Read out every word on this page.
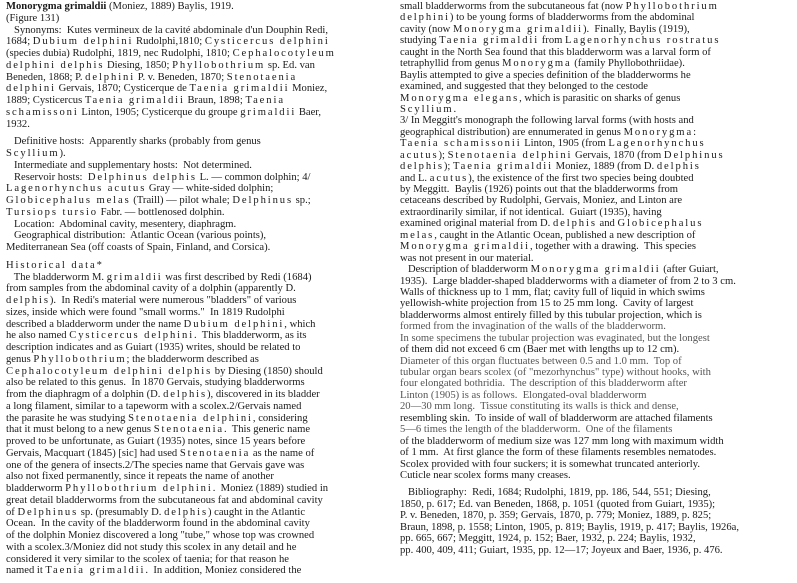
Monorygma grimaldii (Moniez, 1889) Baylis, 1919.
(Figure 131)
Synonyms:  Kutes vermineux de la cavité abdominale d'un Douphin Redi,
1684; Dubium delphini Rudolphi,1810; Cysticercus delphini
(species dubia) Rudolphi, 1819, nec Rudolphi, 1810; Cephalocotyleum
delphini delphis Diesing, 1850; Phyllobothrium sp. Ed. van
Beneden, 1868; P. delphini P. v. Beneden, 1870; Stenotaenia
delphini Gervais, 1870; Cysticerque de Taenia grimaldii Moniez,
1889; Cysticercus Taenia grimaldii Braun, 1898; Taenia
schamissoni Linton, 1905; Cysticerque du groupe grimaldii Baer,
1932.
Definitive hosts:  Apparently sharks (probably from genus
Scyllium).
Intermediate and supplementary hosts:  Not determined.
Reservoir hosts:  Delphinus delphis L. — common dolphin; 4/
Lagenorhynchus acutus Gray — white-sided dolphin;
Globicephalus melas (Traill) — pilot whale; Delphinus sp.;
Tursiops tursio Fabr. — bottlenosed dolphin.
Location:  Abdominal cavity, mesentery, diaphragm.
Geographical distribution:  Atlantic Ocean (various points),
Mediterranean Sea (off coasts of Spain, Finland, and Corsica).
Historical data*
The bladderworm M. grimaldii was first described by Redi (1684)
from samples from the abdominal cavity of a dolphin (apparently D.
delphis).  In Redi's material were numerous "bladders" of various
sizes, inside which were found "small worms."  In 1819 Rudolphi
described a bladderworm under the name Dubium delphini, which
he also named Cysticercus delphini.  This bladderworm, as its
description indicates and as Guiart (1935) writes, should be related to
genus Phyllobothrium; the bladderworm described as
Cephalocotyleum delphini delphis by Diesing (1850) should
also be related to this genus.  In 1870 Gervais, studying bladderworms
from the diaphragm of a dolphin (D. delphis), discovered in its bladder
a long filament, similar to a tapeworm with a scolex.2/Gervais named
the parasite he was studying Stenotaenia delphini, considering
that it must belong to a new genus Stenotaenia.  This generic name
proved to be unfortunate, as Guiart (1935) notes, since 15 years before
Gervais, Macquart (1845) [sic] had used Stenotaenia as the name of
one of the genera of insects.2/The species name that Gervais gave was
also not fixed permanently, since it repeats the name of another
bladderworm Phyllobothrium delphini.  Moniez (1889) studied in
great detail bladderworms from the subcutaneous fat and abdominal cavity
of Delphinus sp. (presumably D. delphis) caught in the Atlantic
Ocean.  In the cavity of the bladderworm found in the abdominal cavity
of the dolphin Moniez discovered a long "tube," whose top was crowned
with a scolex.3/Moniez did not study this scolex in any detail and he
considered it very similar to the scolex of taenia; for that reason he
named it Taenia grimaldii.  In addition, Moniez considered the
small bladderworms from the subcutaneous fat (now Phyllobothrium
delphini) to be young forms of bladderworms from the abdominal
cavity (now Monorygma grimaldii).  Finally, Baylis (1919),
studying Taenia grimaldii from Lagenorhynchus rostratus
caught in the North Sea found that this bladderworm was a larval form of
tetraphyllid from genus Monorygma (family Phyllobothriidae).
Baylis attempted to give a species definition of the bladderworms he
examined, and suggested that they belonged to the cestode
Monorygma elegans, which is parasitic on sharks of genus
Scyllium.
3/ In Meggitt's monograph the following larval forms (with hosts and
geographical distribution) are ennumerated in genus Monorygma:
Taenia schamissonii Linton, 1905 (from Lagenorhynchus
acutus); Stenotaenia delphini Gervais, 1870 (from Delphinus
delphis); Taenia grimaldii Moniez, 1889 (from D. delphis
and L. acutus), the existence of the first two species being doubted
by Meggitt.  Baylis (1926) points out that the bladderworms from
cetaceans described by Rudolphi, Gervais, Moniez, and Linton are
extraordinarily similar, if not identical.  Guiart (1935), having
examined original material from D. delphis and Globicephalus
melas, caught in the Atlantic Ocean, published a new description of
Monorygma grimaldii, together with a drawing.  This species
was not present in our material.
Description of bladderworm Monorygma grimaldii (after Guiart,
1935).  Large bladder-shaped bladderworms with a diameter of from 2 to 3 cm.
Walls of thickness up to 1 mm, flat; cavity full of liquid in which swims
yellowish-white projection from 15 to 25 mm long.  Cavity of largest
bladderworms almost entirely filled by this tubular projection, which is
formed from the invagination of the walls of the bladderworm.
In some specimens the tubular projection was evaginated, but the longest
of them did not exceed 6 cm (Baer met with lengths up to 12 cm).
Diameter of this organ fluctuates between 0.5 and 1.0 mm.  Top of
tubular organ bears scolex (of "mezorhynchus" type) without hooks, with
four elongated bothridia.  The description of this bladderworm after
Linton (1905) is as follows.  Elongated-oval bladderworm
20—30 mm long.  Tissue constituting its walls is thick and dense,
resembling skin.  To inside of wall of bladderworm are attached filaments
5—6 times the length of the bladderworm.  One of the filaments
of the bladderworm of medium size was 127 mm long with maximum width
of 1 mm.  At first glance the form of these filaments resembles nematodes.
Scolex provided with four suckers; it is somewhat truncated anteriorly.
Cuticle near scolex forms many creases.
Bibliography:  Redi, 1684; Rudolphi, 1819, pp. 186, 544, 551; Diesing,
1850, p. 617; Ed. van Beneden, 1868, p. 1051 (quoted from Guiart, 1935);
P. v. Beneden, 1870, p. 359; Gervais, 1870, p. 779; Moniez, 1889, p. 825;
Braun, 1898, p. 1558; Linton, 1905, p. 819; Baylis, 1919, p. 417; Baylis, 1926a,
pp. 665, 667; Meggitt, 1924, p. 152; Baer, 1932, p. 224; Baylis, 1932,
pp. 400, 409, 411; Guiart, 1935, pp. 12—17; Joyeux and Baer, 1936, p. 476.
